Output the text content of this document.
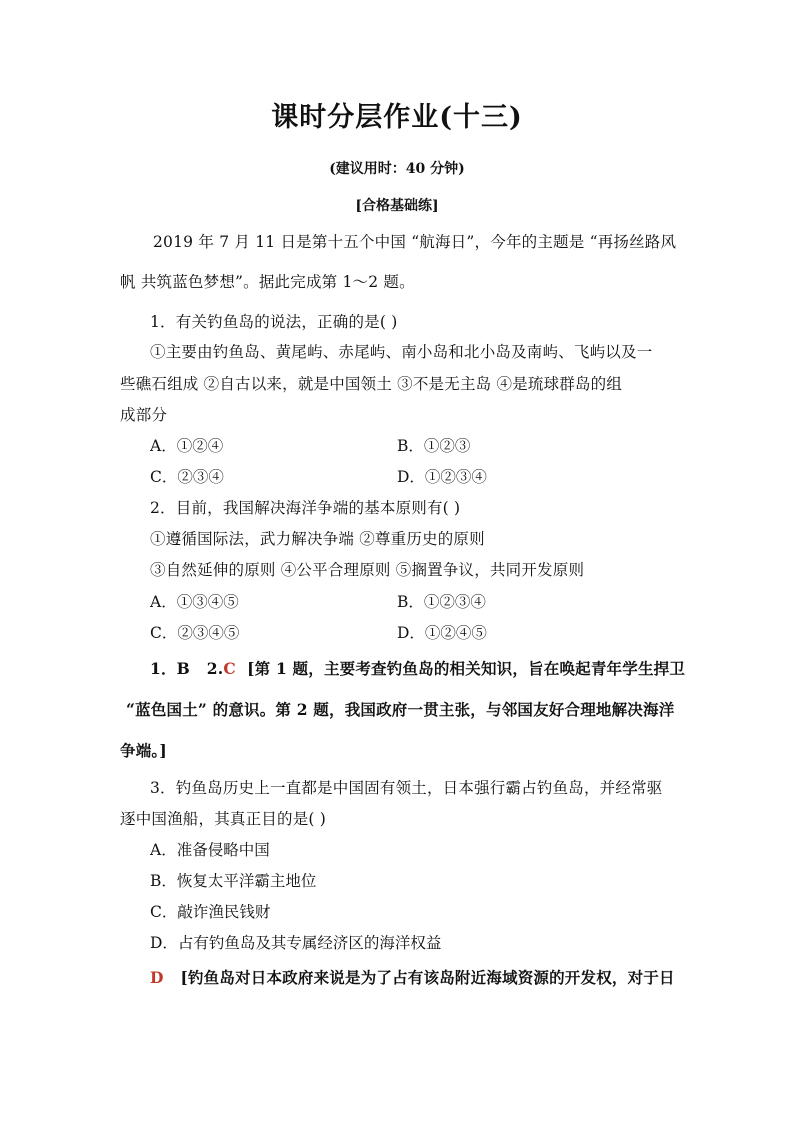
课时分层作业(十三)
(建议用时：40 分钟)
[合格基础练]
2019 年 7 月 11 日是第十五个中国 “航海日”，今年的主题是 “再扬丝路风
帆 共筑蓝色梦想”。据此完成第 1～2 题。
1．有关钓鱼岛的说法，正确的是( )
①主要由钓鱼岛、黄尾屿、赤尾屿、南小岛和北小岛及南屿、飞屿以及一
些礁石组成 ②自古以来，就是中国领土 ③不是无主岛 ④是琉球群岛的组
成部分
A．①②④	B．①②③
C．②③④	D．①②③④
2．目前，我国解决海洋争端的基本原则有( )
①遵循国际法，武力解决争端 ②尊重历史的原则
③自然延伸的原则 ④公平合理原则 ⑤搁置争议，共同开发原则
A．①③④⑤	B．①②③④
C．②③④⑤	D．①②④⑤
1．B 2.C [第 1 题，主要考查钓鱼岛的相关知识，旨在唤起青年学生捍卫
“蓝色国土” 的意识。第 2 题，我国政府一贯主张，与邻国友好合理地解决海洋
争端。]
3．钓鱼岛历史上一直都是中国固有领土，日本强行霸占钓鱼岛，并经常驱
逐中国渔船，其真正目的是( )
A．准备侵略中国
B．恢复太平洋霸主地位
C．敲诈渔民钱财
D．占有钓鱼岛及其专属经济区的海洋权益
D [钓鱼岛对日本政府来说是为了占有该岛附近海域资源的开发权，对于日
